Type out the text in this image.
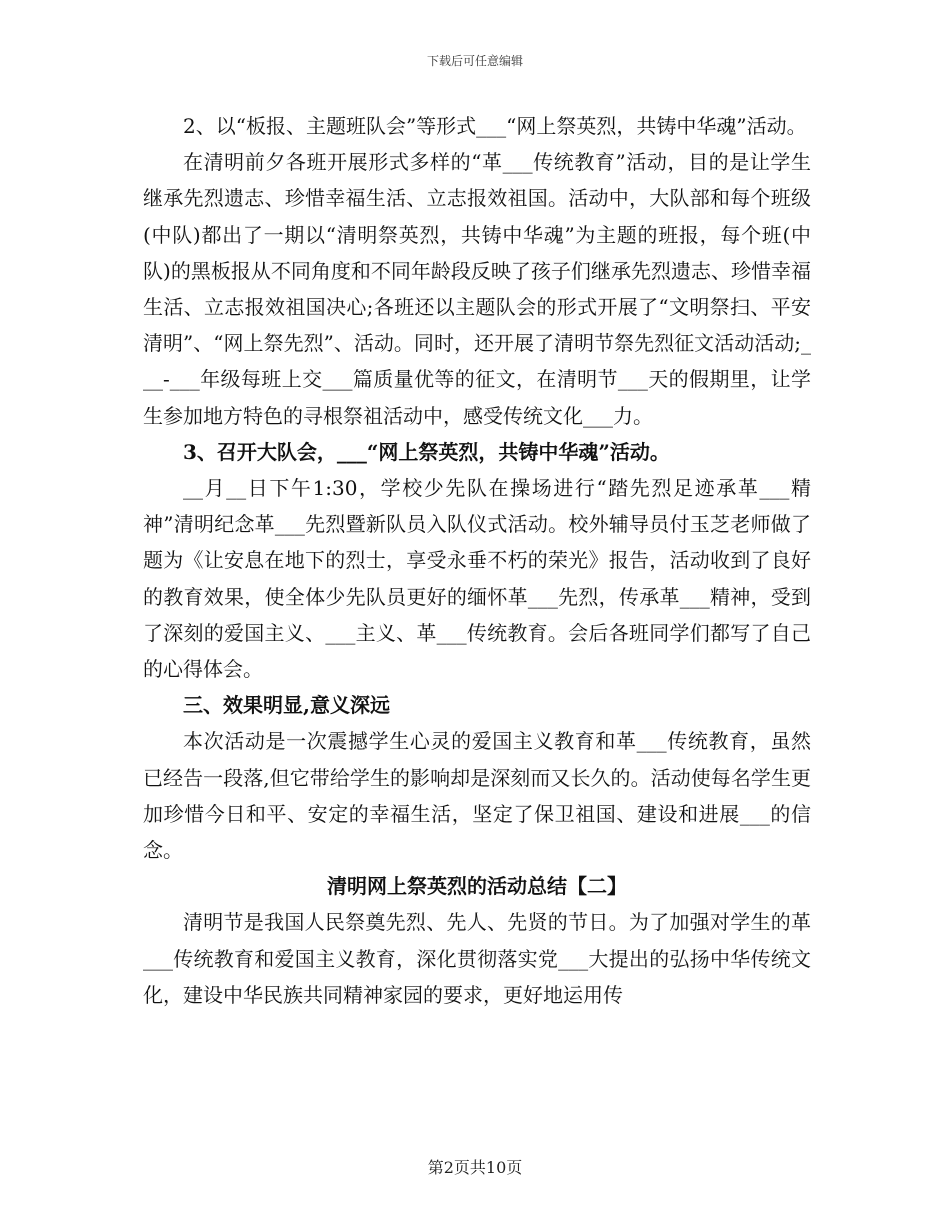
下载后可任意编辑

2、以“板报、主题班队会”等形式___“网上祭英烈，共铸中华魂”活动。

在清明前夕各班开展形式多样的“革___传统教育”活动，目的是让学生继承先烈遗志、珍惜幸福生活、立志报效祖国。活动中，大队部和每个班级(中队)都出了一期以“清明祭英烈，共铸中华魂”为主题的班报，每个班(中队)的黑板报从不同角度和不同年龄段反映了孩子们继承先烈遗志、珍惜幸福生活、立志报效祖国决心;各班还以主题队会的形式开展了“文明祭扫、平安清明”、“网上祭先烈”、活动。同时，还开展了清明节祭先烈征文活动活动;___-___年级每班上交___篇质量优等的征文，在清明节___天的假期里，让学生参加地方特色的寻根祭祖活动中，感受传统文化___力。

3、召开大队会，___“网上祭英烈，共铸中华魂”活动。

__月__日下午1:30，学校少先队在操场进行“踏先烈足迹承革___精神”清明纪念革___先烈暨新队员入队仪式活动。校外辅导员付玉芝老师做了题为《让安息在地下的烈士，享受永垂不朽的荣光》报告，活动收到了良好的教育效果，使全体少先队员更好的缅怀革___先烈，传承革___精神，受到了深刻的爱国主义、___主义、革___传统教育。会后各班同学们都写了自己的心得体会。

三、效果明显,意义深远

本次活动是一次震撼学生心灵的爱国主义教育和革___传统教育，虽然已经告一段落,但它带给学生的影响却是深刻而又长久的。活动使每名学生更加珍惜今日和平、安定的幸福生活，坚定了保卫祖国、建设和进展___的信念。

清明网上祭英烈的活动总结【二】

清明节是我国人民祭奠先烈、先人、先贤的节日。为了加强对学生的革___传统教育和爱国主义教育，深化贯彻落实党___大提出的弘扬中华传统文化，建设中华民族共同精神家园的要求，更好地运用传

第2页共10页
